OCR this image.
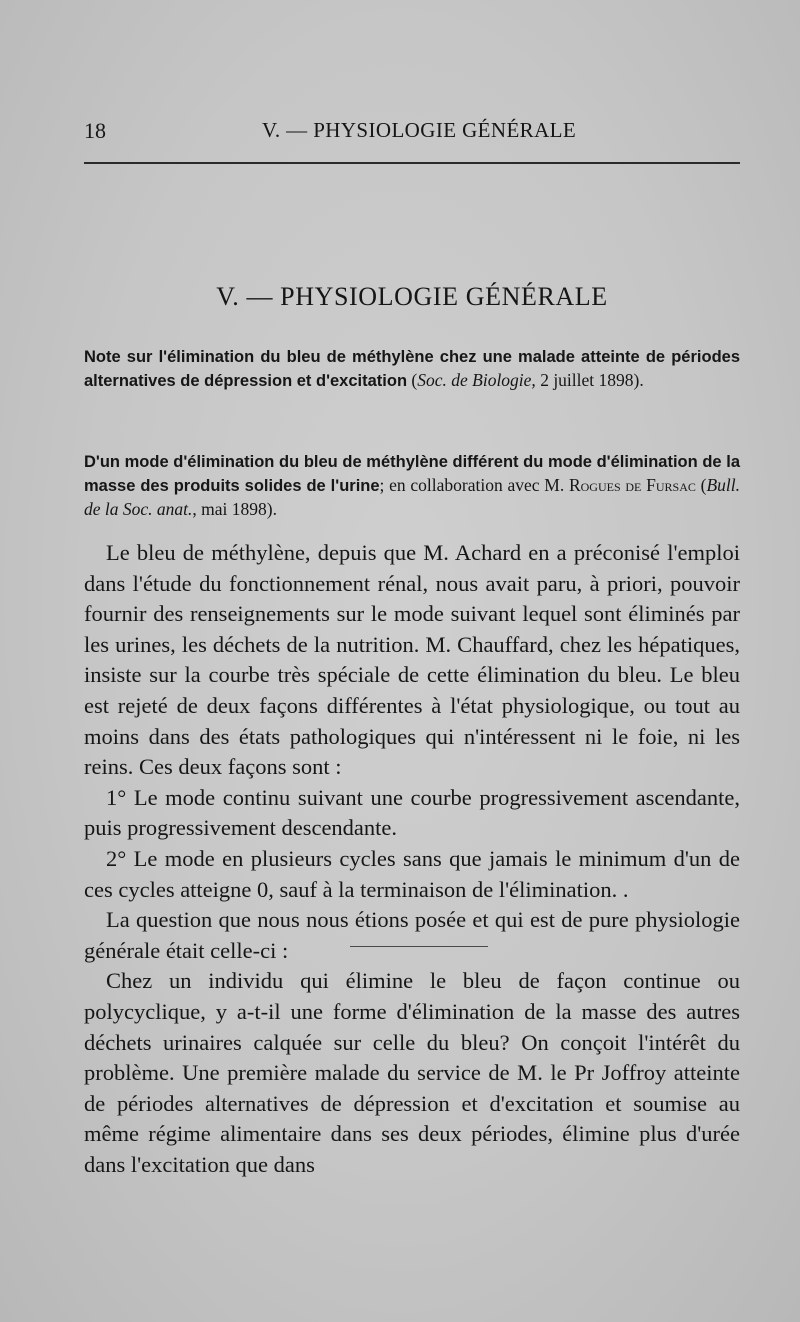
18	V. — PHYSIOLOGIE GÉNÉRALE
V. — PHYSIOLOGIE GÉNÉRALE
Note sur l'élimination du bleu de méthylène chez une malade atteinte de périodes alternatives de dépression et d'excitation (Soc. de Biologie, 2 juillet 1898).
D'un mode d'élimination du bleu de méthylène différent du mode d'élimination de la masse des produits solides de l'urine; en collaboration avec M. Rogues de Fursac (Bull. de la Soc. anat., mai 1898).

Le bleu de méthylène, depuis que M. Achard en a préconisé l'emploi dans l'étude du fonctionnement rénal, nous avait paru, à priori, pouvoir fournir des renseignements sur le mode suivant lequel sont éliminés par les urines, les déchets de la nutrition. M. Chauffard, chez les hépatiques, insiste sur la courbe très spéciale de cette élimination du bleu. Le bleu est rejeté de deux façons différentes à l'état physiologique, ou tout au moins dans des états pathologiques qui n'intéressent ni le foie, ni les reins. Ces deux façons sont :

1° Le mode continu suivant une courbe progressivement ascendante, puis progressivement descendante.

2° Le mode en plusieurs cycles sans que jamais le minimum d'un de ces cycles atteigne 0, sauf à la terminaison de l'élimination. .

La question que nous nous étions posée et qui est de pure physiologie générale était celle-ci :

Chez un individu qui élimine le bleu de façon continue ou polycyclique, y a-t-il une forme d'élimination de la masse des autres déchets urinaires calquée sur celle du bleu? On conçoit l'intérêt du problème. Une première malade du service de M. le Pr Joffroy atteinte de périodes alternatives de dépression et d'excitation et soumise au même régime alimentaire dans ses deux périodes, élimine plus d'urée dans l'excitation que dans
